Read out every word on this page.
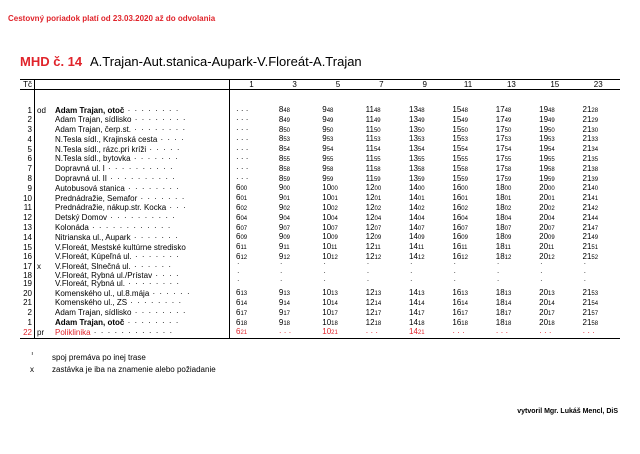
Cestovný poriadok platí od 23.03.2020 až do odvolania
MHD č. 14 A.Trajan-Aut.stanica-Aupark-V.Floreát-A.Trajan
Tč			1	3	5	7	9	11	13	15	23

1	od	Adam Trajan, otoč · · · · · · · ·	· · ·	848	948	1148	1348	1548	1748	1948	2128
2		Adam Trajan, sídlisko · · · · · · · ·	· · ·	849	949	1149	1349	1549	1749	1949	2129
3		Adam Trajan, čerp.st. · · · · · · · ·	· · ·	850	950	1150	1350	1550	1750	1950	2130
4		N.Tesla sídl., Krajinská cesta · · · ·	· · ·	853	953	1153	1353	1553	1753	1953	2133
5		N.Tesla sídl., rázc.pri kríži · · · · ·	· · ·	854	954	1154	1354	1554	1754	1954	2134
6		N.Tesla sídl., bytovka · · · · · · ·	· · ·	855	955	1155	1355	1555	1755	1955	2135
7		Dopravná ul. I · · · · · · · · · ·	· · ·	858	958	1158	1358	1558	1758	1958	2138
8		Dopravná ul. II · · · · · · · · · ·	· · ·	859	959	1159	1359	1559	1759	1959	2139
9		Autobusová stanica · · · · · · · ·	600	900	1000	1200	1400	1600	1800	2000	2140
10		Prednádražie, Semafor · · · · · · ·	601	901	1001	1201	1401	1601	1801	2001	2141
11		Prednádražie, nákup.str. Kocka · · ·	602	902	1002	1202	1402	1602	1802	2002	2142
12		Detský Domov · · · · · · · · · ·	604	904	1004	1204	1404	1604	1804	2004	2144
13		Kolonáda · · · · · · · · · · · ·	607	907	1007	1207	1407	1607	1807	2007	2147
14		Nitrianska ul., Aupark · · · · · · ·	609	909	1009	1209	1409	1609	1809	2009	2149
15		V.Floreát, Mestské kultúrne stredisko	611	911	1011	1211	1411	1611	1811	2011	2151
16		V.Floreát, Kúpeľná ul. · · · · · · ·	612	912	1012	1212	1412	1612	1812	2012	2152
17	x	V.Floreát, Slnečná ul. · · · · · ·	ⸯ	ⸯ	ⸯ	ⸯ	ⸯ	ⸯ	ⸯ	ⸯ	ⸯ
18		V.Floreát, Rybná ul./Prístav · · · ·	ⸯ	ⸯ	ⸯ	ⸯ	ⸯ	ⸯ	ⸯ	ⸯ	ⸯ
19		V.Floreát, Rybná ul. · · · · · · · ·	ⸯ	ⸯ	ⸯ	ⸯ	ⸯ	ⸯ	ⸯ	ⸯ	ⸯ
20		Komenského ul., ul.8.mája · · · · · ·	613	913	1013	1213	1413	1613	1813	2013	2153
21		Komenského ul., ZŠ · · · · · · · ·	614	914	1014	1214	1414	1614	1814	2014	2154
2		Adam Trajan, sídlisko · · · · · · · ·	617	917	1017	1217	1417	1617	1817	2017	2157
1		Adam Trajan, otoč · · · · · · · ·	618	918	1018	1218	1418	1618	1818	2018	2158
22	pr	Poliklinika · · · · · · · · · · · ·	621	· · ·	1021	· · ·	1421	· · ·	· · ·	· · ·	· · ·
ⸯ spoj premáva po inej trase
x zastávka je iba na znamenie alebo požiadanie
vytvoril Mgr. Lukáš Mencl, DiS
